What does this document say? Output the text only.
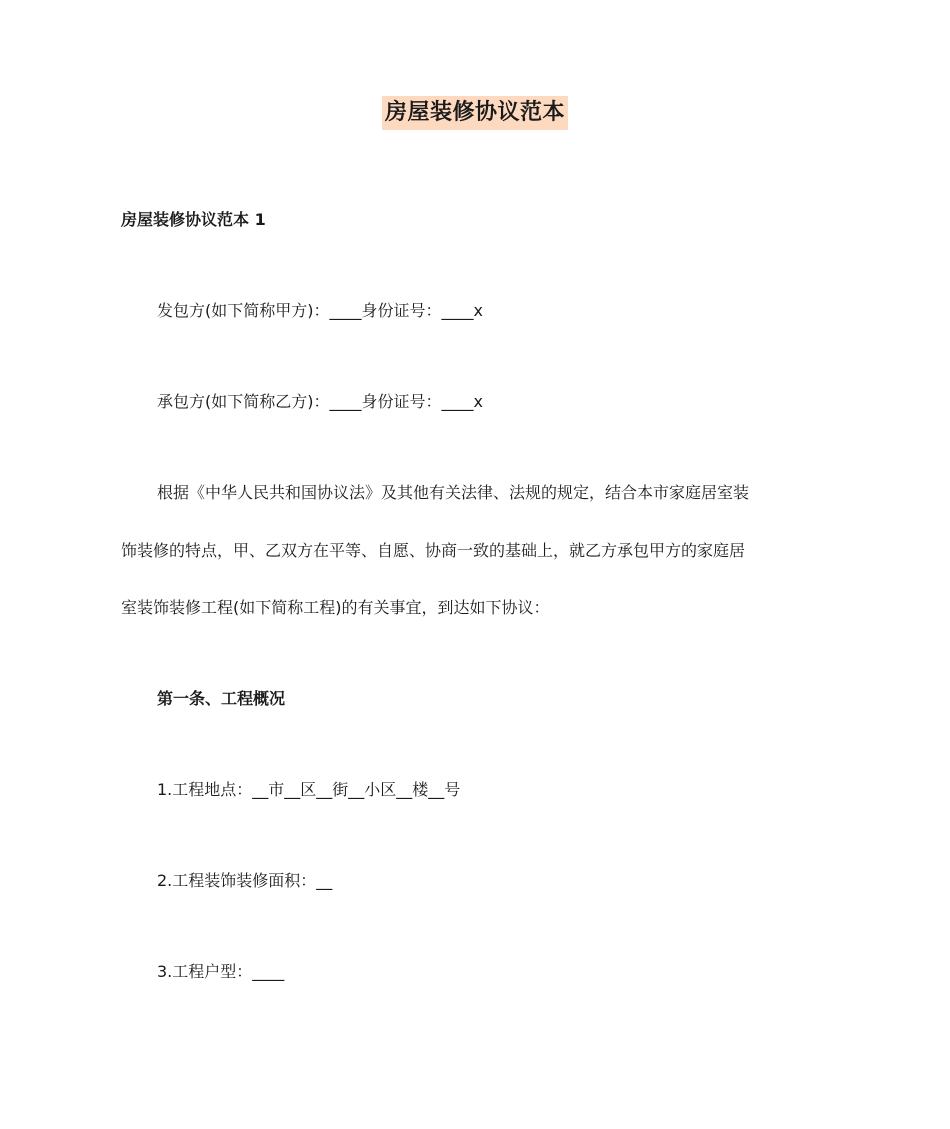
房屋装修协议范本
房屋装修协议范本 1
发包方(如下简称甲方)：____身份证号：____x
承包方(如下简称乙方)：____身份证号：____x
根据《中华人民共和国协议法》及其他有关法律、法规的规定，结合本市家庭居室装
饰装修的特点，甲、乙双方在平等、自愿、协商一致的基础上，就乙方承包甲方的家庭居
室装饰装修工程(如下简称工程)的有关事宜，到达如下协议：
第一条、工程概况
1.工程地点：__市__区__街__小区__楼__号
2.工程装饰装修面积：__
3.工程户型：____
